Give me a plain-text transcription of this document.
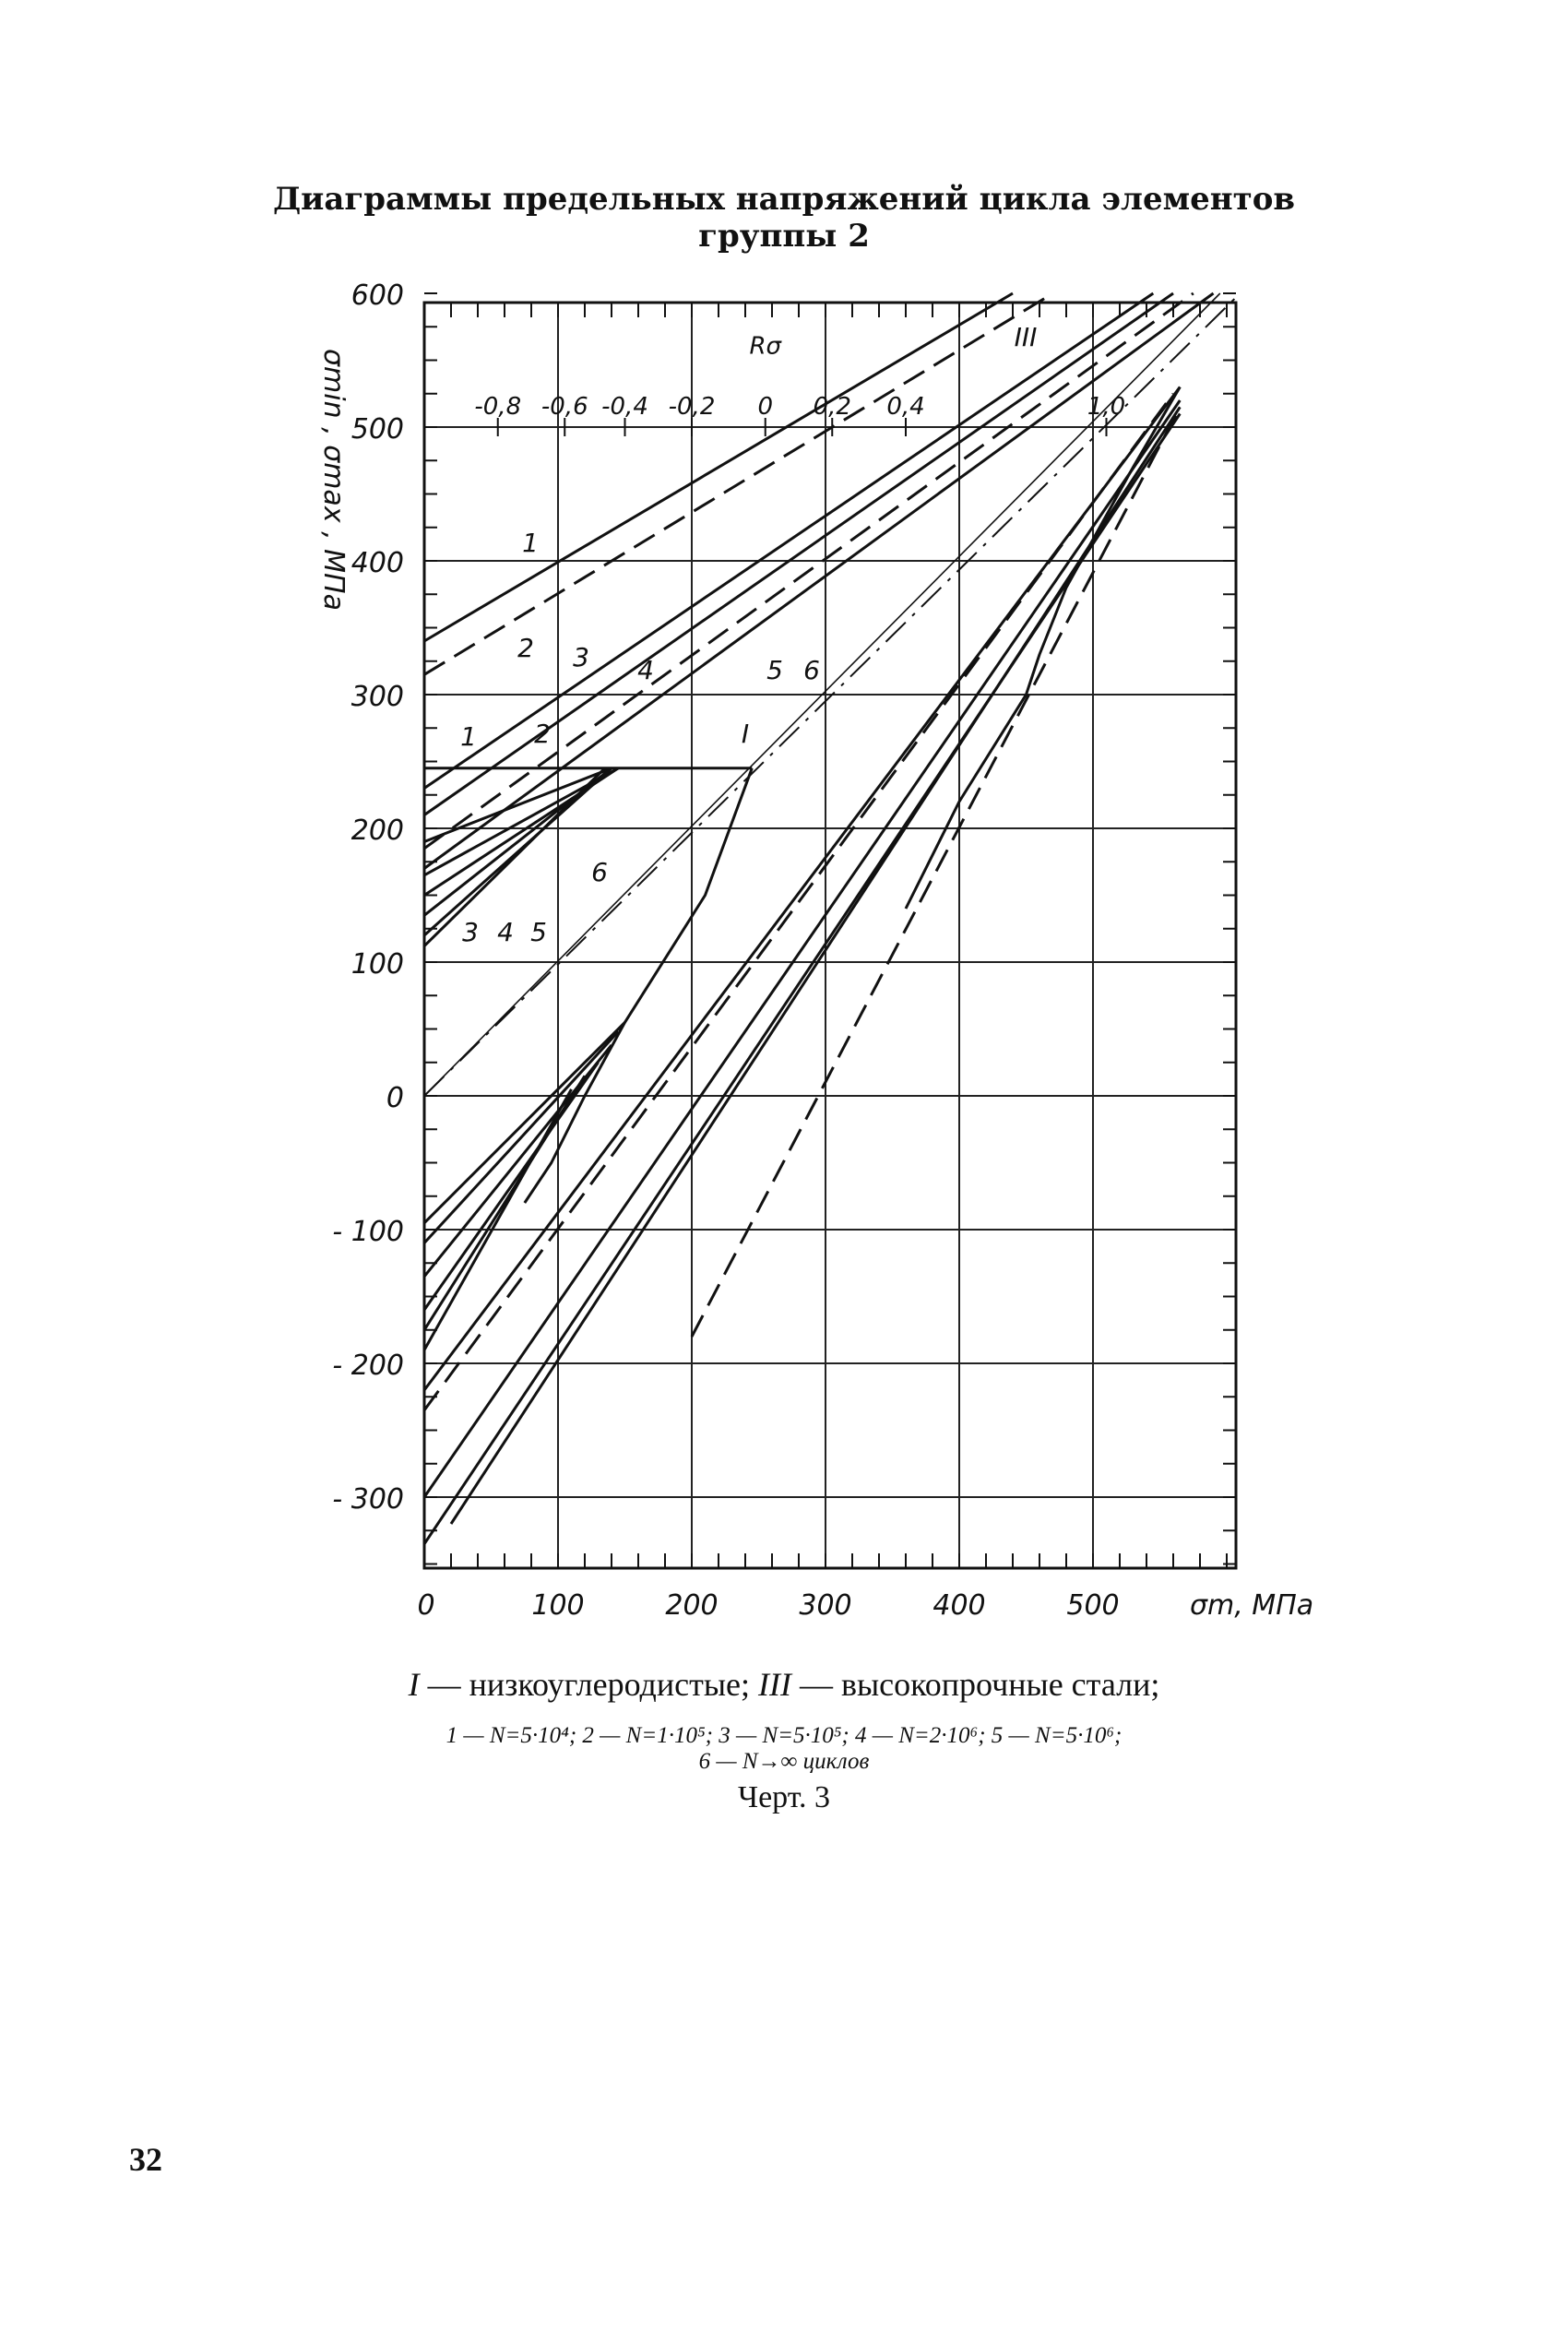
Диаграммы предельных напряжений цикла элементов
группы 2
600
500
400
300
200
100
0
- 100
- 200
- 300
0	100	200	300	400	500	σm, МПа
σmin , σmax , МПа	-0,8 -0,6 -0,4 -0,2 0 0,2 0,4	1,0
Rσ
1
2 3 4	5 6
1 2
3 4 5
6
I
III
I — низкоуглеродистые; III — высокопрочные стали;
1 — N=5·10⁴; 2 — N=1·10⁵; 3 — N=5·10⁵; 4 — N=2·10⁶; 5 — N=5·10⁶;
6 — N→∞ циклов
Черт. 3
32
